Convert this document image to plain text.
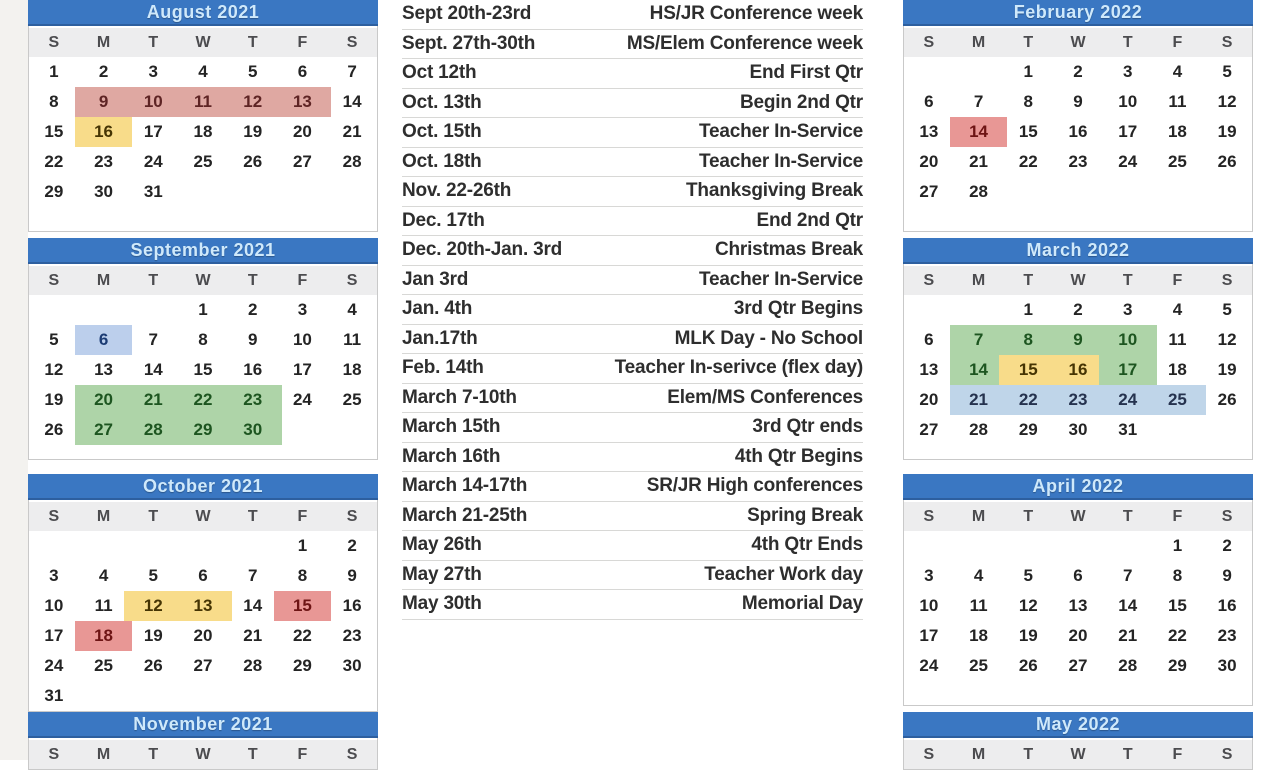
August 2021
S	M	T	W	T	F	S
1	2	3	4	5	6	7
8	9	10	11	12	13	14
15	16	17	18	19	20	21
22	23	24	25	26	27	28
29	30	31
September 2021
S	M	T	W	T	F	S
1	2	3	4
5	6	7	8	9	10	11
12	13	14	15	16	17	18
19	20	21	22	23	24	25
26	27	28	29	30
October 2021
S	M	T	W	T	F	S
1	2
3	4	5	6	7	8	9
10	11	12	13	14	15	16
17	18	19	20	21	22	23
24	25	26	27	28	29	30
31
November 2021
S	M	T	W	T	F	S
Sept 20th-23rd	HS/JR Conference week
Sept. 27th-30th	MS/Elem Conference week
Oct 12th	End First Qtr
Oct. 13th	Begin 2nd Qtr
Oct. 15th	Teacher In-Service
Oct. 18th	Teacher In-Service
Nov. 22-26th	Thanksgiving Break
Dec. 17th	End 2nd Qtr
Dec. 20th-Jan. 3rd	Christmas Break
Jan 3rd	Teacher In-Service
Jan. 4th	3rd Qtr Begins
Jan.17th	MLK Day - No School
Feb. 14th	Teacher In-serivce (flex day)
March 7-10th	Elem/MS Conferences
March 15th	3rd Qtr ends
March 16th	4th Qtr Begins
March 14-17th	SR/JR High conferences
March 21-25th	Spring Break
May 26th	4th Qtr Ends
May 27th	Teacher Work day
May 30th	Memorial Day
February 2022
S	M	T	W	T	F	S
1	2	3	4	5
6	7	8	9	10	11	12
13	14	15	16	17	18	19
20	21	22	23	24	25	26
27	28
March 2022
S	M	T	W	T	F	S
1	2	3	4	5
6	7	8	9	10	11	12
13	14	15	16	17	18	19
20	21	22	23	24	25	26
27	28	29	30	31
April 2022
S	M	T	W	T	F	S
1	2
3	4	5	6	7	8	9
10	11	12	13	14	15	16
17	18	19	20	21	22	23
24	25	26	27	28	29	30
May 2022
S	M	T	W	T	F	S
